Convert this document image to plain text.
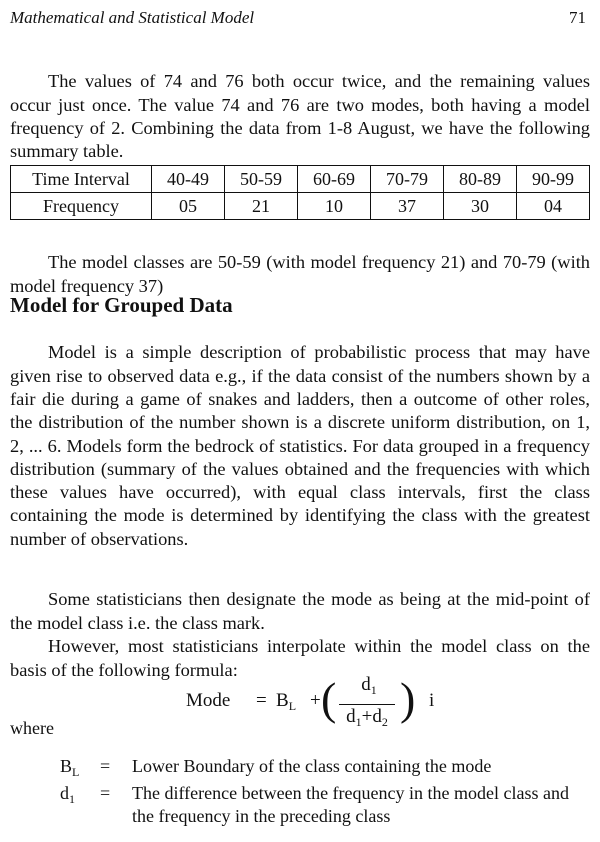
Mathematical and Statistical Model	71

The values of 74 and 76 both occur twice, and the remaining values occur just once. The value 74 and 76 are two modes, both having a model frequency of 2. Combining the data from 1-8 August, we have the following summary table.

Time Interval	40-49	50-59	60-69	70-79	80-89	90-99
Frequency	05	21	10	37	30	04

The model classes are 50-59 (with model frequency 21) and 70-79 (with model frequency 37)

Model for Grouped Data

Model is a simple description of probabilistic process that may have given rise to observed data e.g., if the data consist of the numbers shown by a fair die during a game of snakes and ladders, then a outcome of other roles, the distribution of the number shown is a discrete uniform distribution, on 1, 2, ... 6. Models form the bedrock of statistics. For data grouped in a frequency distribution (summary of the values obtained and the frequencies with which these values have occurred), with equal class intervals, first the class containing the mode is determined by identifying the class with the greatest number of observations.

Some statisticians then designate the mode as being at the mid-point of the model class i.e. the class mark.

However, most statisticians interpolate within the model class on the basis of the following formula:

Mode = $B_L$ + (	$d_1$
$d_1+d_2$ ) i
where
$B_L$	= Lower Boundary of the class containing the mode
$d_1$	= The difference between the frequency in the model class and the frequency in the preceding class
